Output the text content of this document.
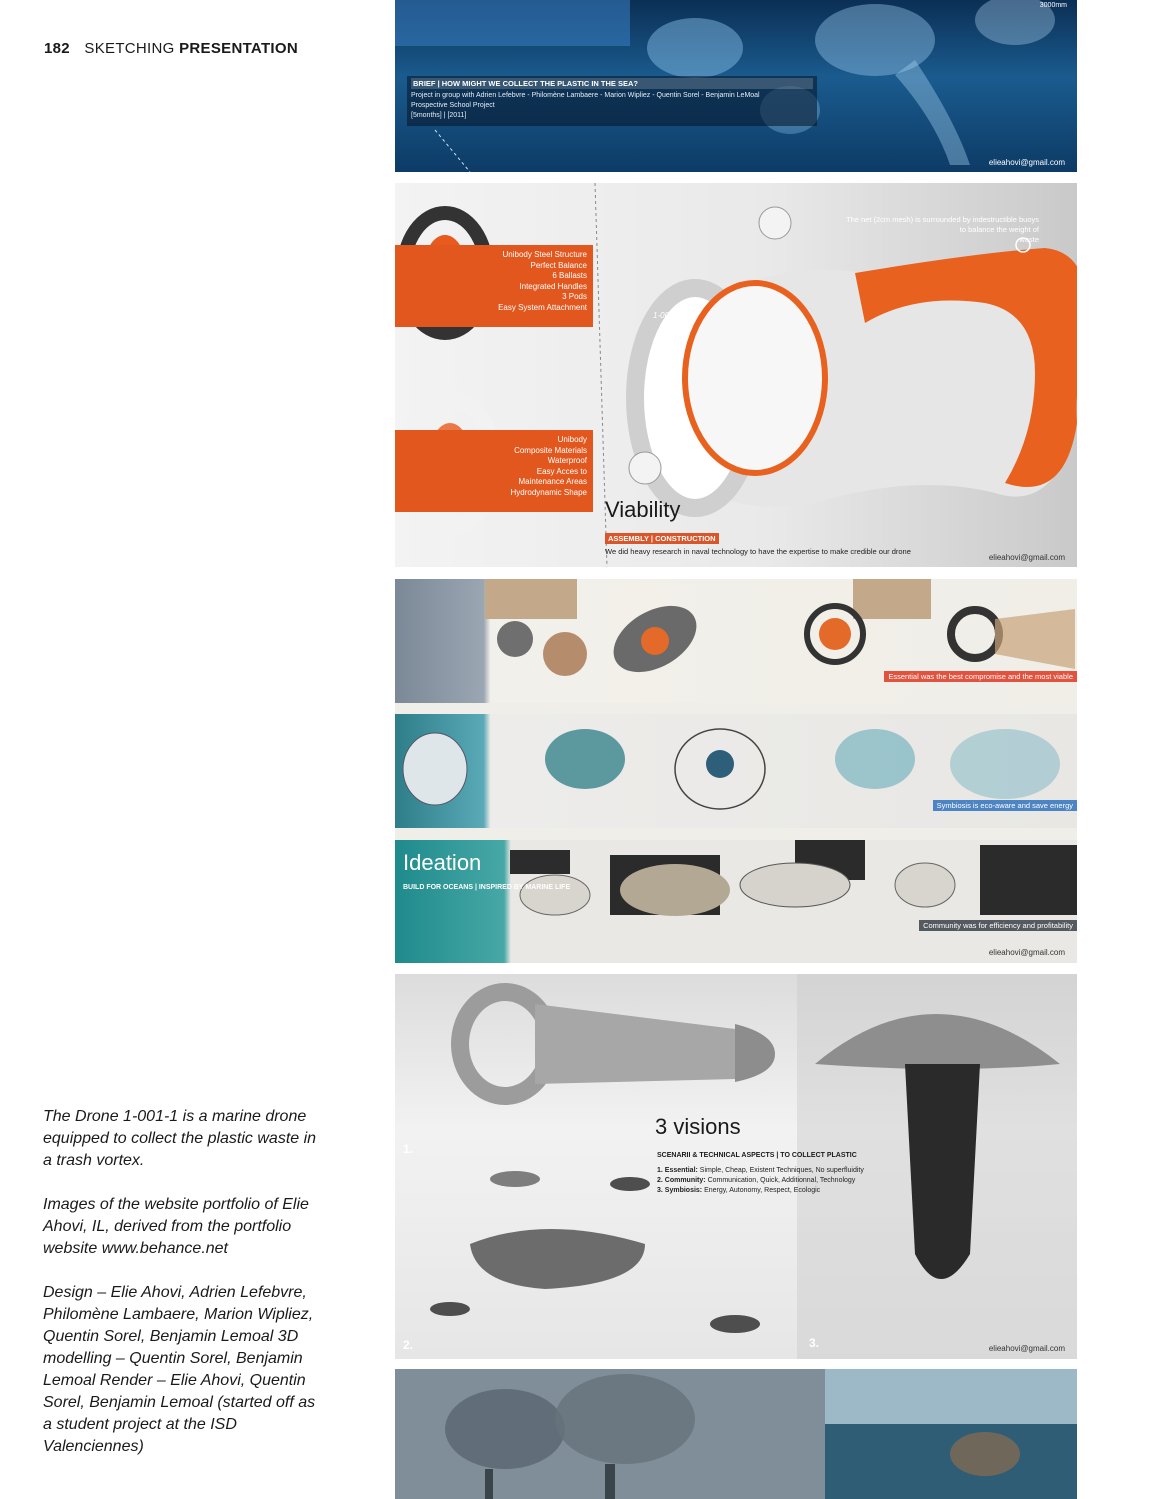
182 SKETCHING PRESENTATION

The Drone 1-001-1 is a marine drone equipped to collect the plastic waste in a trash vortex.

Images of the website portfolio of Elie Ahovi, IL, derived from the portfolio website www.behance.net

Design – Elie Ahovi, Adrien Lefebvre, Philomène Lambaere, Marion Wipliez, Quentin Sorel, Benjamin Lemoal 3D modelling – Quentin Sorel, Benjamin Lemoal Render – Elie Ahovi, Quentin Sorel, Benjamin Lemoal (started off as a student project at the ISD Valenciennes)

3000mm
BRIEF | HOW MIGHT WE COLLECT THE PLASTIC IN THE SEA?
Project in group with Adrien Lefebvre - Philomène Lambaere - Marion Wipliez - Quentin Sorel - Benjamin LeMoal
Prospective School Project
[5months] | [2011]
elieahovi@gmail.com
Unibody Steel Structure
Perfect Balance
6 Ballasts
Integrated Handles
3 Pods
Easy System Attachment
Unibody
Composite Materials
Waterproof
Easy Acces to
Maintenance Areas
Hydrodynamic Shape
The net (2cm mesh) is surrounded by indestructible buoys
to balance the weight of
waste
1-001-1
Viability
ASSEMBLY | CONSTRUCTION
We did heavy research in naval technology to have the expertise to make credible our drone
elieahovi@gmail.com
Essential was the best compromise and the most viable
Symbiosis is eco-aware and save energy
Ideation
BUILD FOR OCEANS | INSPIRED BY MARINE LIFE
Community was for efficiency and profitability
elieahovi@gmail.com
1.
2.	3.
3 visions
SCENARII & TECHNICAL ASPECTS | TO COLLECT PLASTIC
1. Essential: Simple, Cheap, Existent Techniques, No superfluidity
2. Community: Communication, Quick, Additionnal, Technology
3. Symbiosis: Energy, Autonomy, Respect, Ecologic
elieahovi@gmail.com
